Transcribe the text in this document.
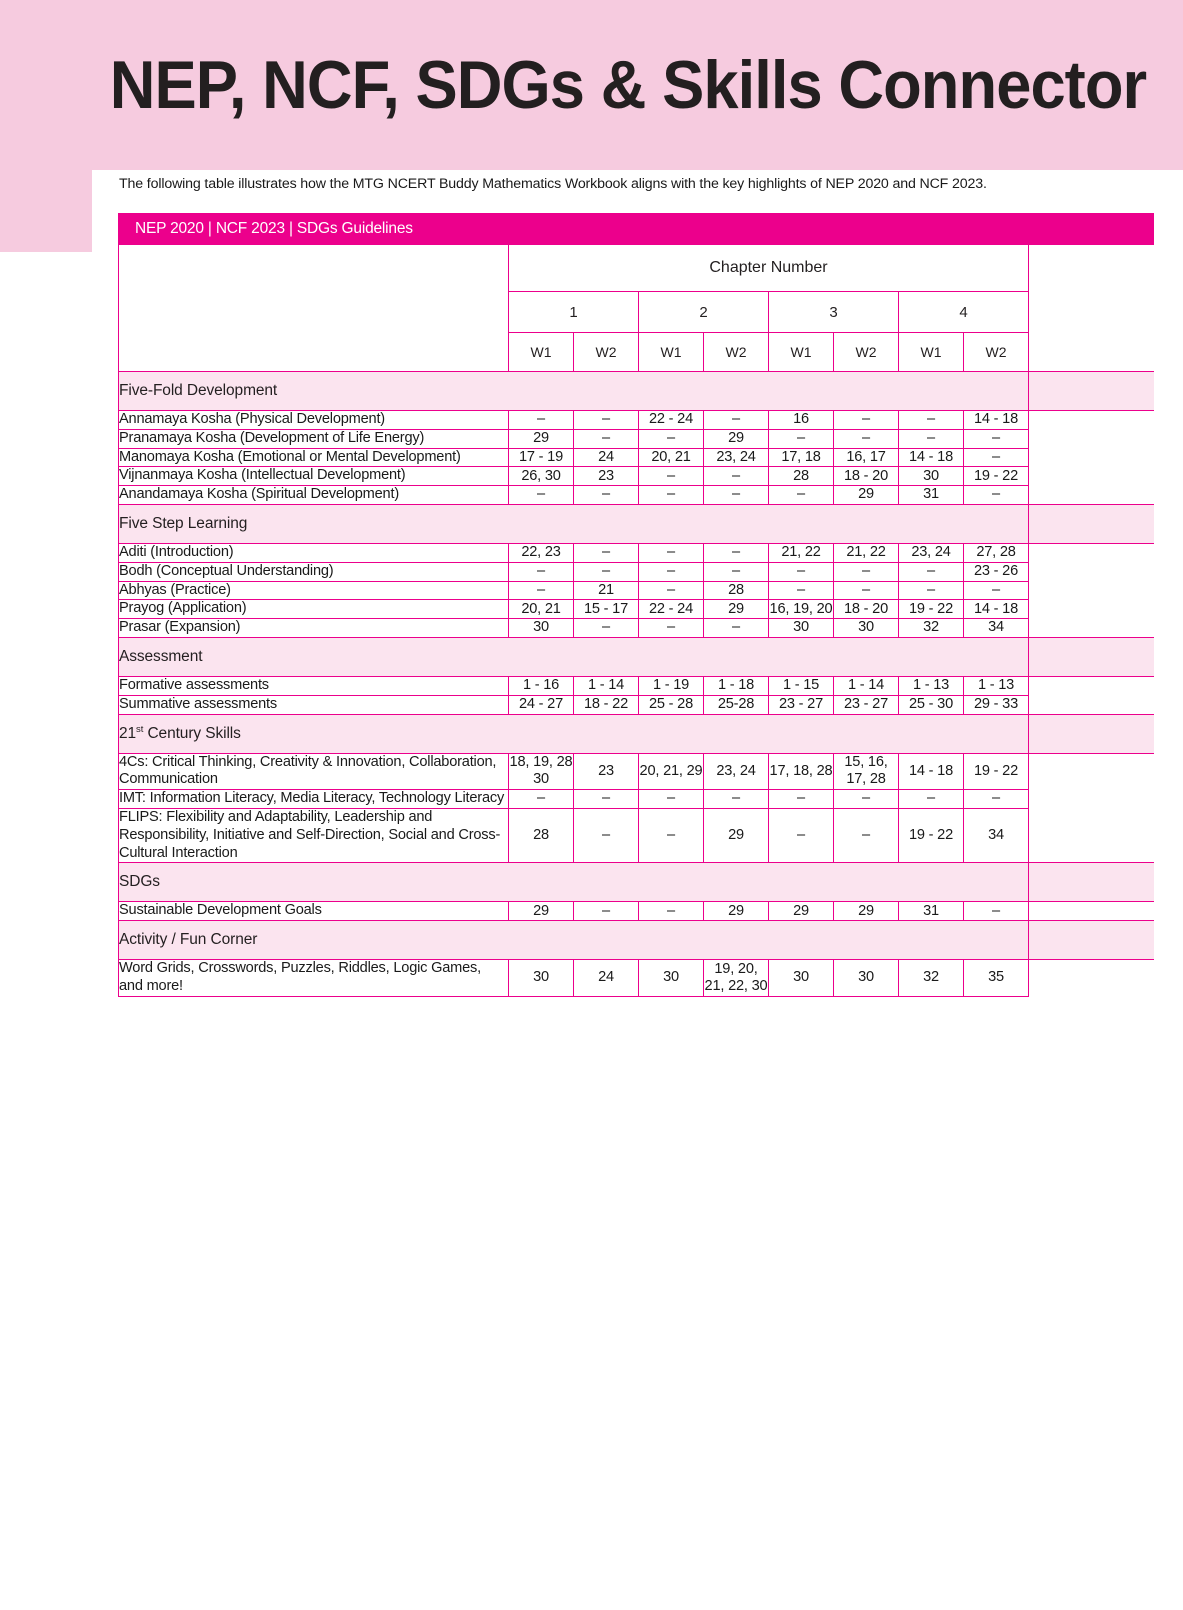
NEP, NCF, SDGs & Skills Connector
The following table illustrates how the MTG NCERT Buddy Mathematics Workbook aligns with the key highlights of NEP 2020 and NCF 2023.
NEP 2020 | NCF 2023 | SDGs Guidelines									
	Chapter Number								
	1		2		3		4		
	W1	W2	W1	W2	W1	W2	W1	W2	
Five-Fold Development									
Annamaya Kosha (Physical Development)	–	–	22 - 24	–	16	–	–	14 - 18	
Pranamaya Kosha (Development of Life Energy)	29	–	–	29	–	–	–	–	
Manomaya Kosha (Emotional or Mental Development)	17 - 19	24	20, 21	23, 24	17, 18	16, 17	14 - 18	–	
Vijnanmaya Kosha (Intellectual Development)	26, 30	23	–	–	28	18 - 20	30	19 - 22	
Anandamaya Kosha (Spiritual Development)	–	–	–	–	–	29	31	–	
Five Step Learning									
Aditi (Introduction)	22, 23	–	–	–	21, 22	21, 22	23, 24	27, 28	
Bodh (Conceptual Understanding)	–	–	–	–	–	–	–	23 - 26	
Abhyas (Practice)	–	21	–	28	–	–	–	–	
Prayog (Application)	20, 21	15 - 17	22 - 24	29	16, 19, 20	18 - 20	19 - 22	14 - 18	
Prasar (Expansion)	30	–	–	–	30	30	32	34	
Assessment									
Formative assessments	1 - 16	1 - 14	1 - 19	1 - 18	1 - 15	1 - 14	1 - 13	1 - 13	
Summative assessments	24 - 27	18 - 22	25 - 28	25-28	23 - 27	23 - 27	25 - 30	29 - 33	
21st Century Skills									
4Cs: Critical Thinking, Creativity & Innovation, Collaboration, Communication	18, 19, 28 30	23	20, 21, 29	23, 24	17, 18, 28	15, 16, 17, 28	14 - 18	19 - 22	
IMT: Information Literacy, Media Literacy, Technology Literacy	–	–	–	–	–	–	–	–	
FLIPS: Flexibility and Adaptability, Leadership and Responsibility, Initiative and Self-Direction, Social and Cross-Cultural Interaction	28	–	–	29	–	–	19 - 22	34	
SDGs									
Sustainable Development Goals	29	–	–	29	29	29	31	–	
Activity / Fun Corner									
Word Grids, Crosswords, Puzzles, Riddles, Logic Games, and more!	30	24	30	19, 20, 21, 22, 30	30	30	32	35	
